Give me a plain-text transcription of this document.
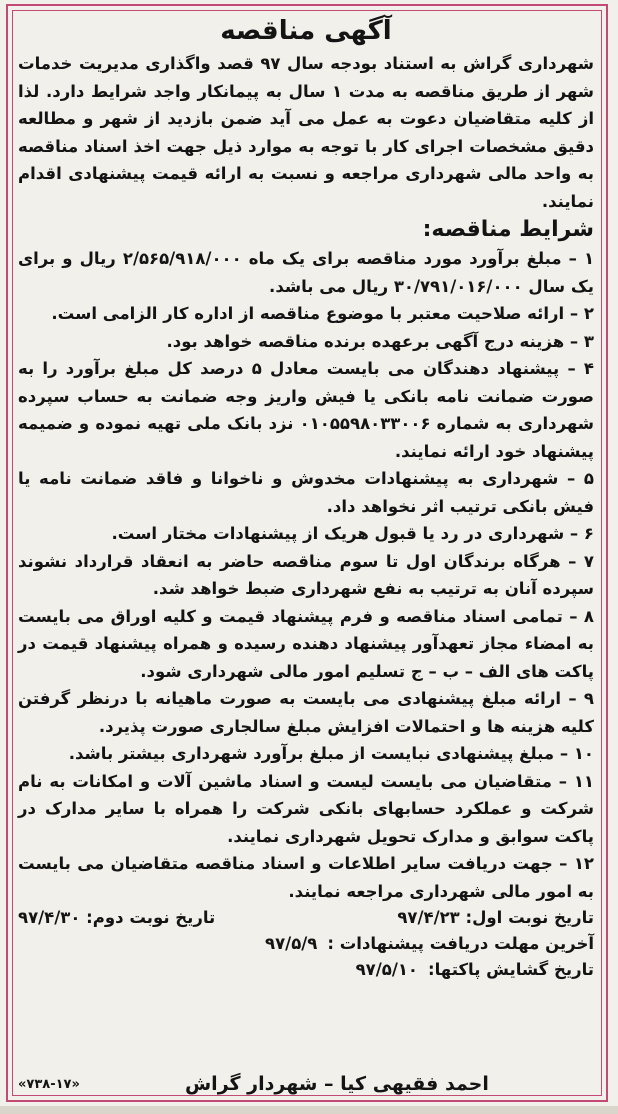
آگهی مناقصه
شهرداری گراش به استناد بودجه سال ۹۷ قصد واگذاری مدیریت خدمات شهر از طریق مناقصه به مدت ۱ سال به پیمانکار واجد شرایط دارد. لذا از کلیه متقاضیان دعوت به عمل می آید ضمن بازدید از شهر و مطالعه دقیق مشخصات اجرای کار با توجه به موارد ذیل جهت اخذ اسناد مناقصه به واحد مالی شهرداری مراجعه و نسبت به ارائه قیمت پیشنهادی اقدام نمایند.
شرایط مناقصه:
۱ – مبلغ برآورد مورد مناقصه برای یک ماه ۲/۵۶۵/۹۱۸/۰۰۰ ریال و برای یک سال ۳۰/۷۹۱/۰۱۶/۰۰۰ ریال می باشد.
۲ – ارائه صلاحیت معتبر با موضوع مناقصه از اداره کار الزامی است.
۳ – هزینه درج آگهی برعهده برنده مناقصه خواهد بود.
۴ – پیشنهاد دهندگان می بایست معادل ۵ درصد کل مبلغ برآورد را به صورت ضمانت نامه بانکی یا فیش واریز وجه ضمانت به حساب سپرده شهرداری به شماره ۰۱۰۵۵۹۸۰۳۳۰۰۶ نزد بانک ملی تهیه نموده و ضمیمه پیشنهاد خود ارائه نمایند.
۵ – شهرداری به پیشنهادات مخدوش و ناخوانا و فاقد ضمانت نامه یا فیش بانکی ترتیب اثر نخواهد داد.
۶ – شهرداری در رد یا قبول هریک از پیشنهادات مختار است.
۷ – هرگاه برندگان اول تا سوم مناقصه حاضر به انعقاد قرارداد نشوند سپرده آنان به ترتیب به نفع شهرداری ضبط خواهد شد.
۸ – تمامی اسناد مناقصه و فرم پیشنهاد قیمت و کلیه اوراق می بایست به امضاء مجاز تعهدآور پیشنهاد دهنده رسیده و همراه پیشنهاد قیمت در پاکت های الف – ب – ج تسلیم امور مالی شهرداری شود.
۹ – ارائه مبلغ پیشنهادی می بایست به صورت ماهیانه با درنظر گرفتن کلیه هزینه ها و احتمالات افزایش مبلغ سالجاری صورت پذیرد.
۱۰ – مبلغ پیشنهادی نبایست از مبلغ برآورد شهرداری بیشتر باشد.
۱۱ – متقاضیان می بایست لیست و اسناد ماشین آلات و امکانات به نام شرکت و عملکرد حسابهای بانکی شرکت را همراه با سایر مدارک در پاکت سوابق و مدارک تحویل شهرداری نمایند.
۱۲ – جهت دریافت سایر اطلاعات و اسناد مناقصه متقاضیان می بایست به امور مالی شهرداری مراجعه نمایند.
تاریخ نوبت اول: ۹۷/۴/۲۳
تاریخ نوبت دوم: ۹۷/۴/۳۰
آخرین مهلت دریافت پیشنهادات :
۹۷/۵/۹
تاریخ گشایش پاکتها:
۹۷/۵/۱۰
احمد فقیهی کیا – شهردار گراش
«۷۳۸-۱۷»
